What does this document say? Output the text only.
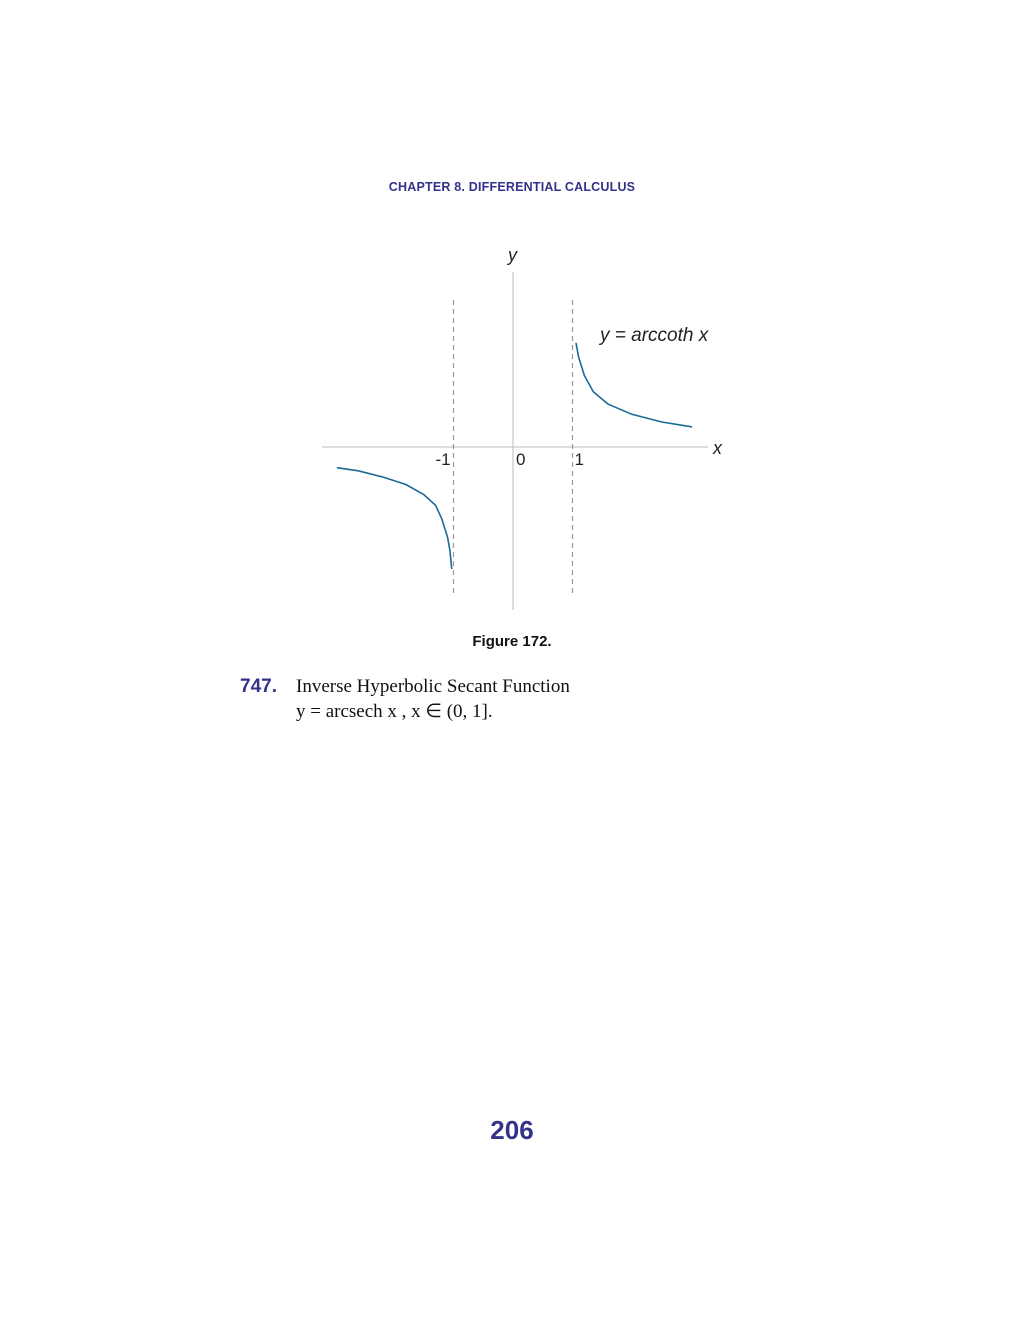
CHAPTER 8. DIFFERENTIAL CALCULUS
y
x
y = arccoth x
-1	0	1
Figure 172.
747. Inverse Hyperbolic Secant Function
y = arcsech x , x ∈ (0, 1].
206
